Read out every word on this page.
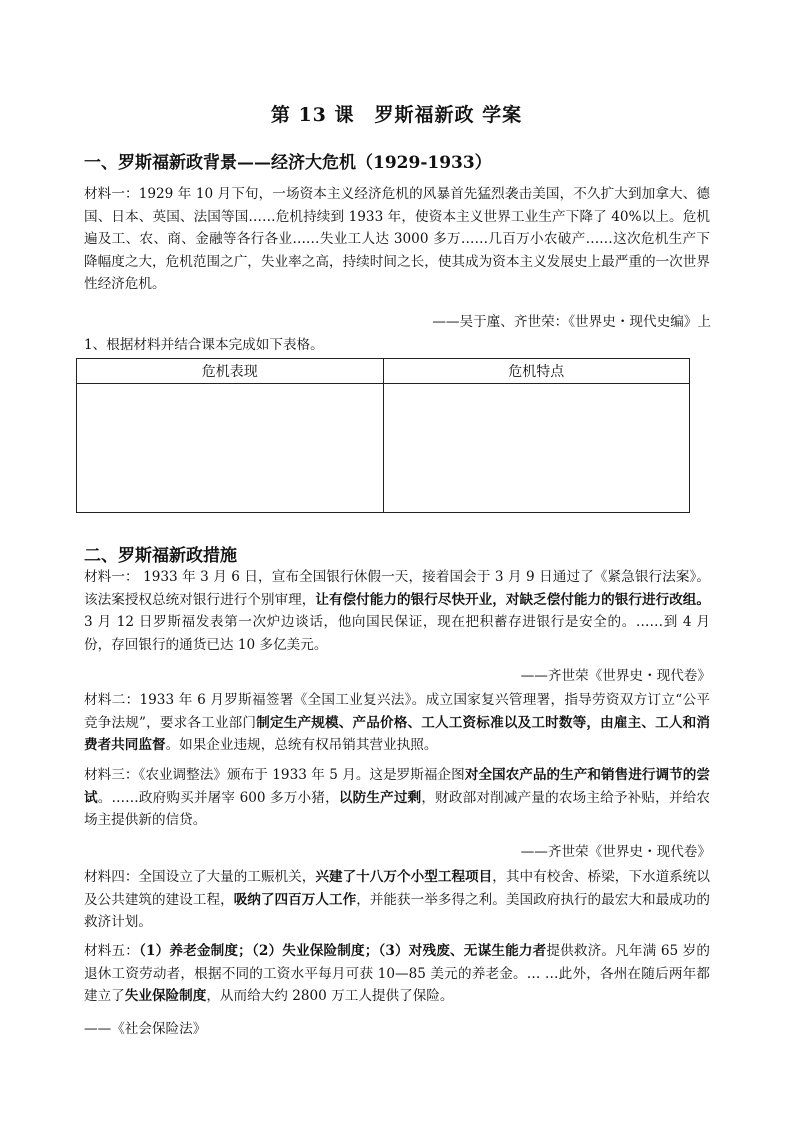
第 13 课　罗斯福新政 学案
一、罗斯福新政背景——经济大危机（1929-1933）
材料一：1929 年 10 月下旬，一场资本主义经济危机的风暴首先猛烈袭击美国，不久扩大到加拿大、德国、日本、英国、法国等国……危机持续到 1933 年，使资本主义世界工业生产下降了 40%以上。危机遍及工、农、商、金融等各行各业……失业工人达 3000 多万……几百万小农破产……这次危机生产下降幅度之大，危机范围之广，失业率之高，持续时间之长，使其成为资本主义发展史上最严重的一次世界性经济危机。
——吴于廑、齐世荣：《世界史・现代史编》上
1、根据材料并结合课本完成如下表格。
危机表现	危机特点

二、罗斯福新政措施
材料一： 1933 年 3 月 6 日，宣布全国银行休假一天，接着国会于 3 月 9 日通过了《紧急银行法案》。该法案授权总统对银行进行个别审理，让有偿付能力的银行尽快开业，对缺乏偿付能力的银行进行改组。3 月 12 日罗斯福发表第一次炉边谈话，他向国民保证，现在把积蓄存进银行是安全的。……到 4 月份，存回银行的通货已达 10 多亿美元。
——齐世荣《世界史・现代卷》
材料二：1933 年 6 月罗斯福签署《全国工业复兴法》。成立国家复兴管理署，指导劳资双方订立“公平竞争法规”，要求各工业部门制定生产规模、产品价格、工人工资标准以及工时数等，由雇主、工人和消费者共同监督。如果企业违规，总统有权吊销其营业执照。
材料三：《农业调整法》颁布于 1933 年 5 月。这是罗斯福企图对全国农产品的生产和销售进行调节的尝试。……政府购买并屠宰 600 多万小猪，以防生产过剩，财政部对削减产量的农场主给予补贴，并给农场主提供新的信贷。
——齐世荣《世界史・现代卷》
材料四：全国设立了大量的工赈机关，兴建了十八万个小型工程项目，其中有校舍、桥梁，下水道系统以及公共建筑的建设工程，吸纳了四百万人工作，并能获一举多得之利。美国政府执行的最宏大和最成功的救济计划。
材料五：（1）养老金制度；（2）失业保险制度；（3）对残废、无谋生能力者提供救济。凡年满 65 岁的退休工资劳动者，根据不同的工资水平每月可获 10—85 美元的养老金。… …此外，各州在随后两年都建立了失业保险制度，从而给大约 2800 万工人提供了保险。
——《社会保险法》
